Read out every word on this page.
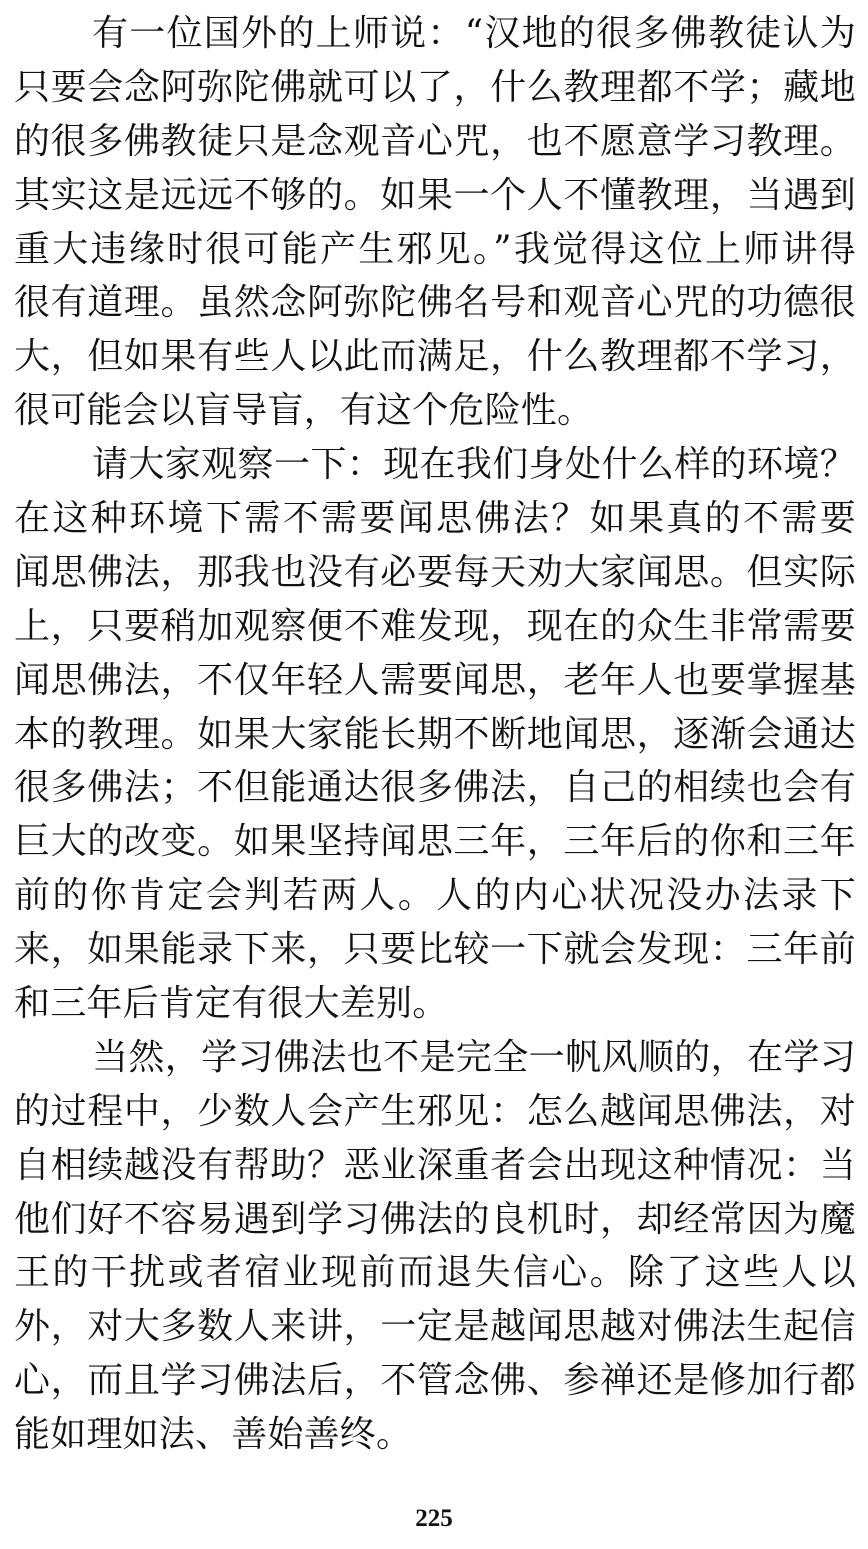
有一位国外的上师说：“汉地的很多佛教徒认为
只要会念阿弥陀佛就可以了，什么教理都不学；藏地
的很多佛教徒只是念观音心咒，也不愿意学习教理。
其实这是远远不够的。如果一个人不懂教理，当遇到
重大违缘时很可能产生邪见。”我觉得这位上师讲得
很有道理。虽然念阿弥陀佛名号和观音心咒的功德很
大，但如果有些人以此而满足，什么教理都不学习，
很可能会以盲导盲，有这个危险性。
请大家观察一下：现在我们身处什么样的环境？
在这种环境下需不需要闻思佛法？如果真的不需要
闻思佛法，那我也没有必要每天劝大家闻思。但实际
上，只要稍加观察便不难发现，现在的众生非常需要
闻思佛法，不仅年轻人需要闻思，老年人也要掌握基
本的教理。如果大家能长期不断地闻思，逐渐会通达
很多佛法；不但能通达很多佛法，自己的相续也会有
巨大的改变。如果坚持闻思三年，三年后的你和三年
前的你肯定会判若两人。人的内心状况没办法录下
来，如果能录下来，只要比较一下就会发现：三年前
和三年后肯定有很大差别。
当然，学习佛法也不是完全一帆风顺的，在学习
的过程中，少数人会产生邪见：怎么越闻思佛法，对
自相续越没有帮助？恶业深重者会出现这种情况：当
他们好不容易遇到学习佛法的良机时，却经常因为魔
王的干扰或者宿业现前而退失信心。除了这些人以
外，对大多数人来讲，一定是越闻思越对佛法生起信
心，而且学习佛法后，不管念佛、参禅还是修加行都
能如理如法、善始善终。
225
